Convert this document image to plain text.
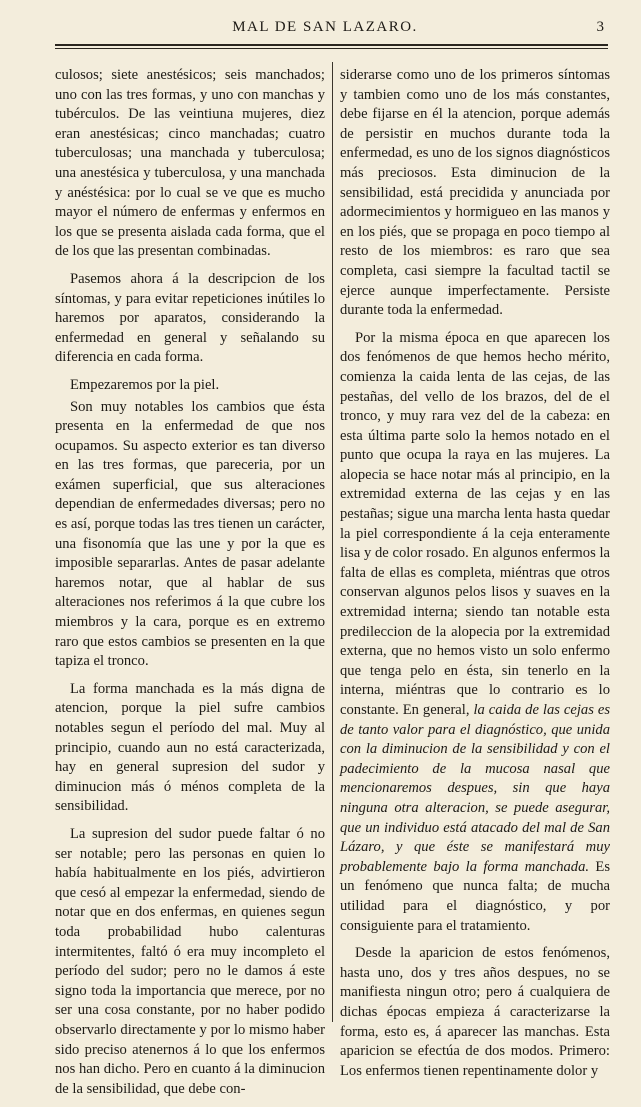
MAL DE SAN LAZARO.	3

culosos; siete anestésicos; seis manchados; uno con las tres formas, y uno con manchas y tubérculos. De las veintiuna mujeres, diez eran anestésicas; cinco manchadas; cuatro tuberculosas; una manchada y tuberculosa; una anestésica y tuberculosa, y una manchada y anéstésica: por lo cual se ve que es mucho mayor el número de enfermas y enfermos en los que se presenta aislada cada forma, que el de los que las presentan combinadas.

Pasemos ahora á la descripcion de los síntomas, y para evitar repeticiones inútiles lo haremos por aparatos, considerando la enfermedad en general y señalando su diferencia en cada forma.

Empezaremos por la piel.

Son muy notables los cambios que ésta presenta en la enfermedad de que nos ocupamos. Su aspecto exterior es tan diverso en las tres formas, que pareceria, por un exámen superficial, que sus alteraciones dependian de enfermedades diversas; pero no es así, porque todas las tres tienen un carácter, una fisonomía que las une y por la que es imposible separarlas. Antes de pasar adelante haremos notar, que al hablar de sus alteraciones nos referimos á la que cubre los miembros y la cara, porque es en extremo raro que estos cambios se presenten en la que tapiza el tronco.

La forma manchada es la más digna de atencion, porque la piel sufre cambios notables segun el período del mal. Muy al principio, cuando aun no está caracterizada, hay en general supresion del sudor y diminucion más ó ménos completa de la sensibilidad.

La supresion del sudor puede faltar ó no ser notable; pero las personas en quien lo había habitualmente en los piés, advirtieron que cesó al empezar la enfermedad, siendo de notar que en dos enfermas, en quienes segun toda probabilidad hubo calenturas intermitentes, faltó ó era muy incompleto el período del sudor; pero no le damos á este signo toda la importancia que merece, por no ser una cosa constante, por no haber podido observarlo directamente y por lo mismo haber sido preciso atenernos á lo que los enfermos nos han dicho. Pero en cuanto á la diminucion de la sensibilidad, que debe con-

siderarse como uno de los primeros síntomas y tambien como uno de los más constantes, debe fijarse en él la atencion, porque además de persistir en muchos durante toda la enfermedad, es uno de los signos diagnósticos más preciosos. Esta diminucion de la sensibilidad, está precidida y anunciada por adormecimientos y hormigueo en las manos y en los piés, que se propaga en poco tiempo al resto de los miembros: es raro que sea completa, casi siempre la facultad tactil se ejerce aunque imperfectamente. Persiste durante toda la enfermedad.

Por la misma época en que aparecen los dos fenómenos de que hemos hecho mérito, comienza la caida lenta de las cejas, de las pestañas, del vello de los brazos, del de el tronco, y muy rara vez del de la cabeza: en esta última parte solo la hemos notado en el punto que ocupa la raya en las mujeres. La alopecia se hace notar más al principio, en la extremidad externa de las cejas y en las pestañas; sigue una marcha lenta hasta quedar la piel correspondiente á la ceja enteramente lisa y de color rosado. En algunos enfermos la falta de ellas es completa, miéntras que otros conservan algunos pelos lisos y suaves en la extremidad interna; siendo tan notable esta predileccion de la alopecia por la extremidad externa, que no hemos visto un solo enfermo que tenga pelo en ésta, sin tenerlo en la interna, miéntras que lo contrario es lo constante. En general, la caida de las cejas es de tanto valor para el diagnóstico, que unida con la diminucion de la sensibilidad y con el padecimiento de la mucosa nasal que mencionaremos despues, sin que haya ninguna otra alteracion, se puede asegurar, que un individuo está atacado del mal de San Lázaro, y que éste se manifestará muy probablemente bajo la forma manchada. Es un fenómeno que nunca falta; de mucha utilidad para el diagnóstico, y por consiguiente para el tratamiento.

Desde la aparicion de estos fenómenos, hasta uno, dos y tres años despues, no se manifiesta ningun otro; pero á cualquiera de dichas épocas empieza á caracterizarse la forma, esto es, á aparecer las manchas. Esta aparicion se efectúa de dos modos. Primero: Los enfermos tienen repentinamente dolor y
